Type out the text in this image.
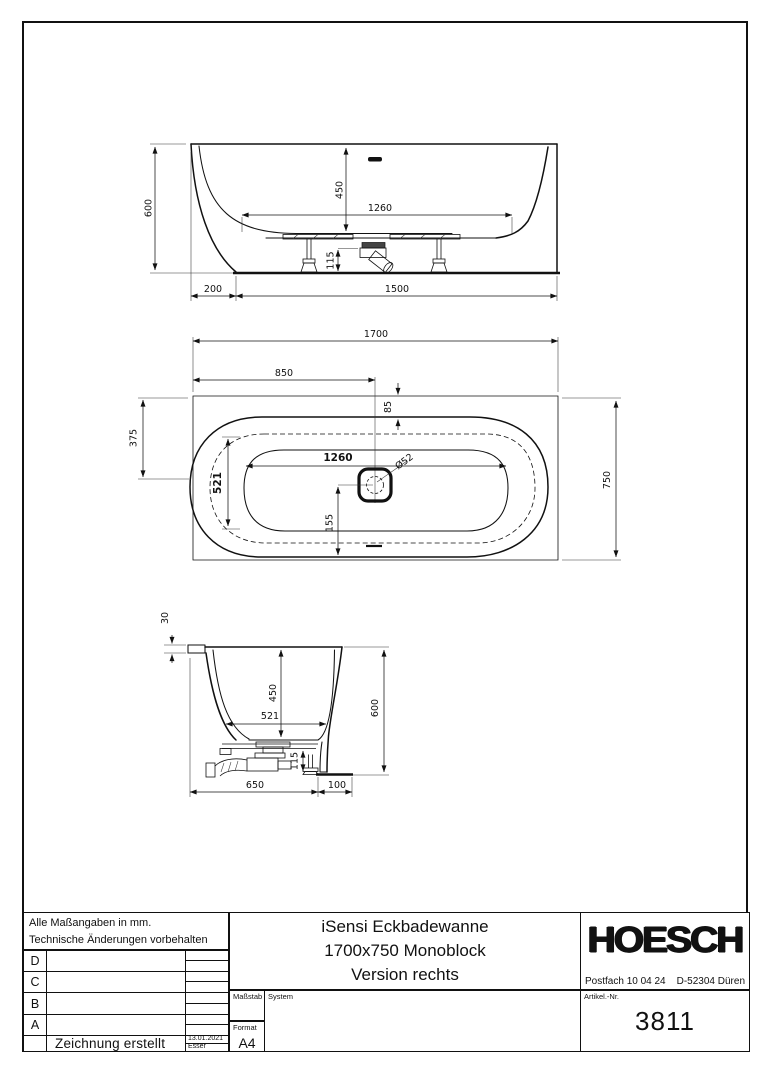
600
450
1260
115
200	1500
Ø52
1700
850
85
375
521
1260
155
750
30
450
521
115
600
650	100
Alle Maßangaben in mm.
Technische Änderungen vorbehalten
D
C
B
A
Zeichnung erstellt	13.01.2021
Esser
iSensi Eckbadewanne
1700x750 Monoblock
Version rechts
Maßstab
Format
A4
System
HOESCH
Postfach 10 04 24 D-52304 Düren
Artikel.-Nr.
3811
